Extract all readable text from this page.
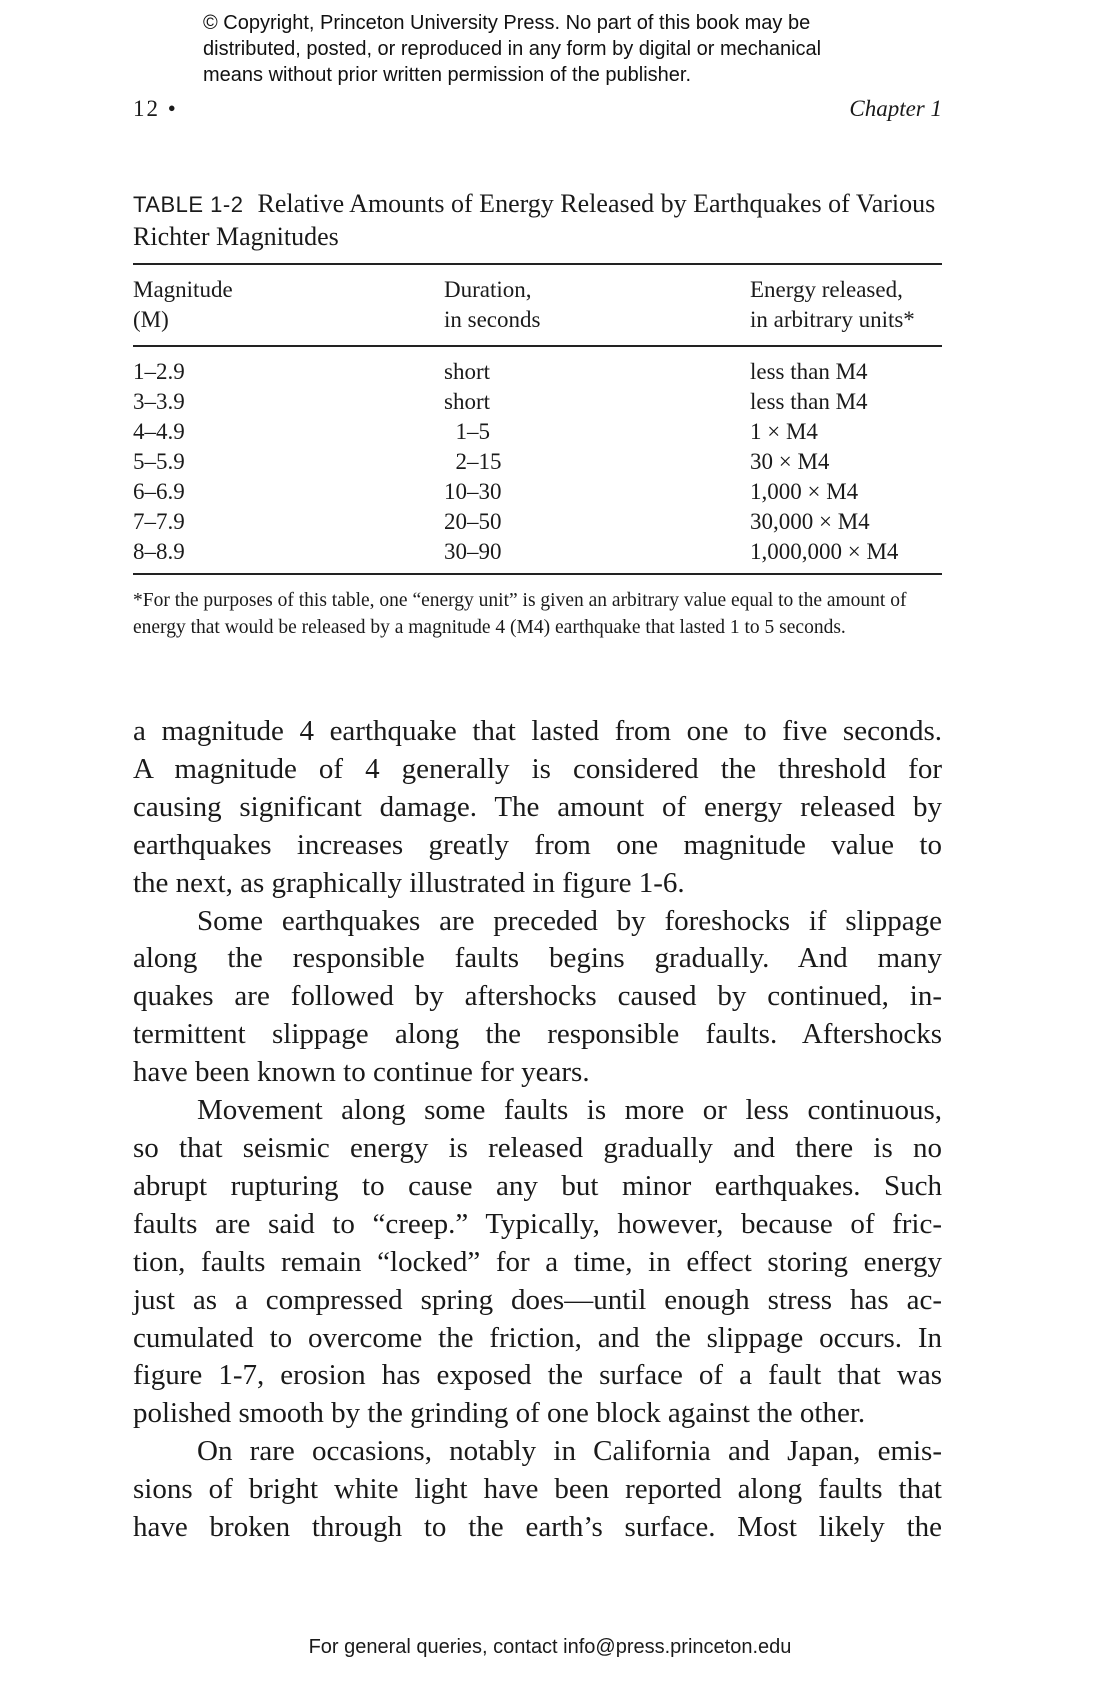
© Copyright, Princeton University Press. No part of this book may be
distributed, posted, or reproduced in any form by digital or mechanical
means without prior written permission of the publisher.
12 •	Chapter 1
TABLE 1-2 Relative Amounts of Energy Released by Earthquakes of Various Richter Magnitudes
Magnitude	Duration,	Energy released,
(M)	in seconds	in arbitrary units*
1–2.9	short	less than M4
3–3.9	short	less than M4
4–4.9	1–5	1 × M4
5–5.9	2–15	30 × M4
6–6.9	10–30	1,000 × M4
7–7.9	20–50	30,000 × M4
8–8.9	30–90	1,000,000 × M4
*For the purposes of this table, one “energy unit” is given an arbitrary value equal to the amount of energy that would be released by a magnitude 4 (M4) earthquake that lasted 1 to 5 seconds.
a magnitude 4 earthquake that lasted from one to five seconds.
A magnitude of 4 generally is considered the threshold for
causing significant damage. The amount of energy released by
earthquakes increases greatly from one magnitude value to
the next, as graphically illustrated in figure 1-6.
Some earthquakes are preceded by foreshocks if slippage
along the responsible faults begins gradually. And many
quakes are followed by aftershocks caused by continued, in-
termittent slippage along the responsible faults. Aftershocks
have been known to continue for years.
Movement along some faults is more or less continuous,
so that seismic energy is released gradually and there is no
abrupt rupturing to cause any but minor earthquakes. Such
faults are said to “creep.” Typically, however, because of fric-
tion, faults remain “locked” for a time, in effect storing energy
just as a compressed spring does—until enough stress has ac-
cumulated to overcome the friction, and the slippage occurs. In
figure 1-7, erosion has exposed the surface of a fault that was
polished smooth by the grinding of one block against the other.
On rare occasions, notably in California and Japan, emis-
sions of bright white light have been reported along faults that
have broken through to the earth’s surface. Most likely the
For general queries, contact info@press.princeton.edu
